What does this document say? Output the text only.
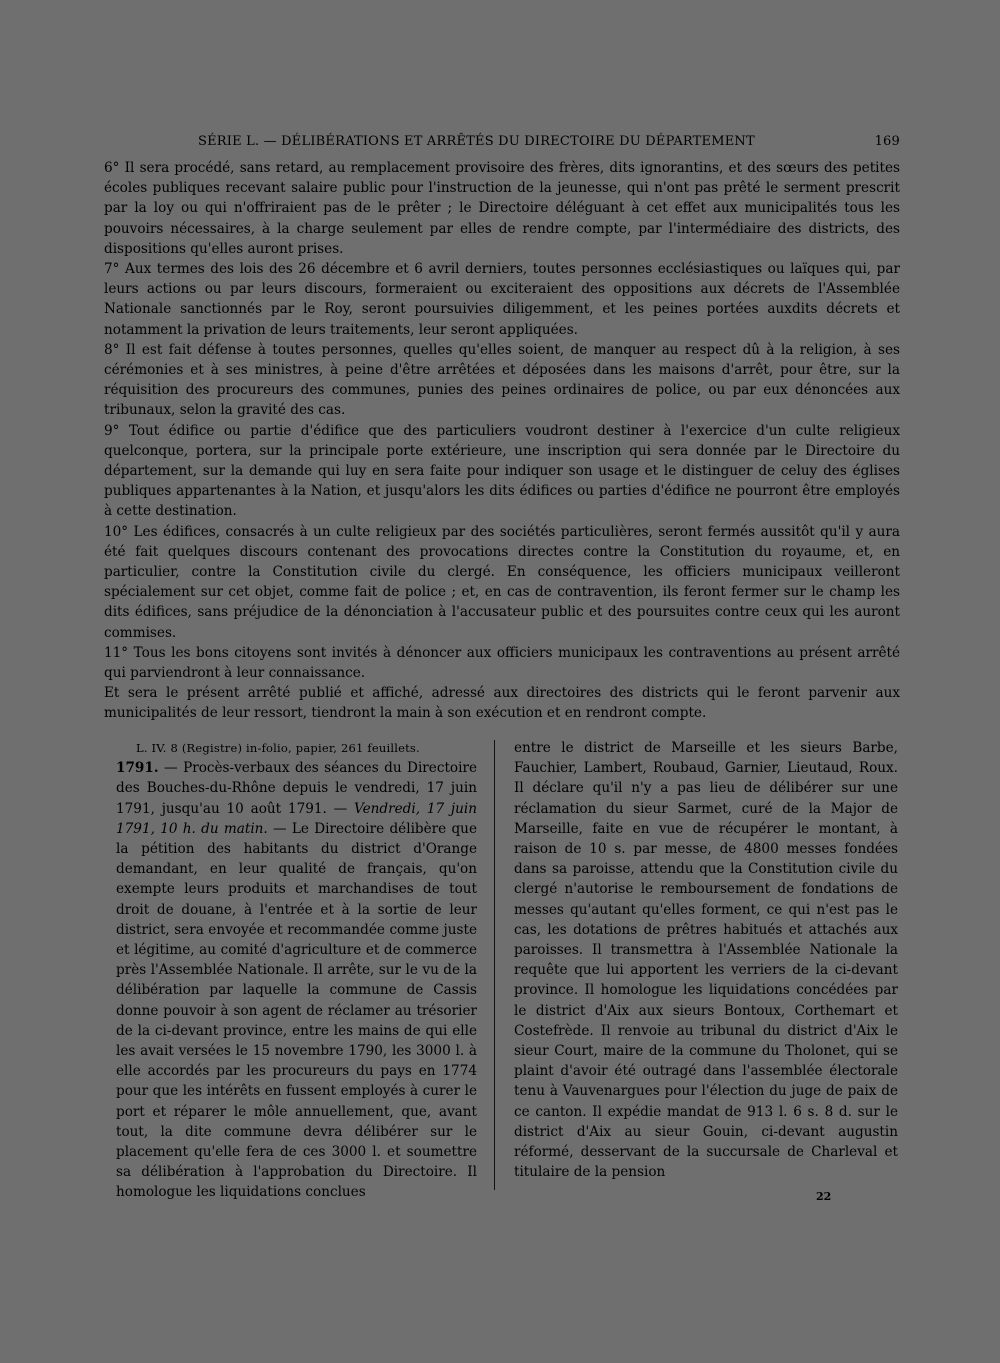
SÉRIE L. — DÉLIBÉRATIONS ET ARRÊTÉS DU DIRECTOIRE DU DÉPARTEMENT	169

6° Il sera procédé, sans retard, au remplacement provisoire des frères, dits ignorantins, et des sœurs des petites écoles publiques recevant salaire public pour l'instruction de la jeunesse, qui n'ont pas prêté le serment prescrit par la loy ou qui n'offriraient pas de le prêter ; le Directoire déléguant à cet effet aux municipalités tous les pouvoirs nécessaires, à la charge seulement par elles de rendre compte, par l'intermédiaire des districts, des dispositions qu'elles auront prises.

7° Aux termes des lois des 26 décembre et 6 avril derniers, toutes personnes ecclésiastiques ou laïques qui, par leurs actions ou par leurs discours, formeraient ou exciteraient des oppositions aux décrets de l'Assemblée Nationale sanctionnés par le Roy, seront poursuivies diligemment, et les peines portées auxdits décrets et notamment la privation de leurs traitements, leur seront appliquées.

8° Il est fait défense à toutes personnes, quelles qu'elles soient, de manquer au respect dû à la religion, à ses cérémonies et à ses ministres, à peine d'être arrêtées et déposées dans les maisons d'arrêt, pour être, sur la réquisition des procureurs des communes, punies des peines ordinaires de police, ou par eux dénoncées aux tribunaux, selon la gravité des cas.

9° Tout édifice ou partie d'édifice que des particuliers voudront destiner à l'exercice d'un culte religieux quelconque, portera, sur la principale porte extérieure, une inscription qui sera donnée par le Directoire du département, sur la demande qui luy en sera faite pour indiquer son usage et le distinguer de celuy des églises publiques appartenantes à la Nation, et jusqu'alors les dits édifices ou parties d'édifice ne pourront être employés à cette destination.

10° Les édifices, consacrés à un culte religieux par des sociétés particulières, seront fermés aussitôt qu'il y aura été fait quelques discours contenant des provocations directes contre la Constitution du royaume, et, en particulier, contre la Constitution civile du clergé. En conséquence, les officiers municipaux veilleront spécialement sur cet objet, comme fait de police ; et, en cas de contravention, ils feront fermer sur le champ les dits édifices, sans préjudice de la dénonciation à l'accusateur public et des poursuites contre ceux qui les auront commises.

11° Tous les bons citoyens sont invités à dénoncer aux officiers municipaux les contraventions au présent arrêté qui parviendront à leur connaissance.

Et sera le présent arrêté publié et affiché, adressé aux directoires des districts qui le feront parvenir aux municipalités de leur ressort, tiendront la main à son exécution et en rendront compte.

L. IV. 8 (Registre) in-folio, papier, 261 feuillets.
1791. — Procès-verbaux des séances du Directoire des Bouches-du-Rhône depuis le vendredi, 17 juin 1791, jusqu'au 10 août 1791. — Vendredi, 17 juin 1791, 10 h. du matin. — Le Directoire délibère que la pétition des habitants du district d'Orange demandant, en leur qualité de français, qu'on exempte leurs produits et marchandises de tout droit de douane, à l'entrée et à la sortie de leur district, sera envoyée et recommandée comme juste et légitime, au comité d'agriculture et de commerce près l'Assemblée Nationale. Il arrête, sur le vu de la délibération par laquelle la commune de Cassis donne pouvoir à son agent de réclamer au trésorier de la ci-devant province, entre les mains de qui elle les avait versées le 15 novembre 1790, les 3000 l. à elle accordés par les procureurs du pays en 1774 pour que les intérêts en fussent employés à curer le port et réparer le môle annuellement, que, avant tout, la dite commune devra délibérer sur le placement qu'elle fera de ces 3000 l. et soumettre sa délibération à l'approbation du Directoire. Il homologue les liquidations conclues
entre le district de Marseille et les sieurs Barbe, Fauchier, Lambert, Roubaud, Garnier, Lieutaud, Roux. Il déclare qu'il n'y a pas lieu de délibérer sur une réclamation du sieur Sarmet, curé de la Major de Marseille, faite en vue de récupérer le montant, à raison de 10 s. par messe, de 4800 messes fondées dans sa paroisse, attendu que la Constitution civile du clergé n'autorise le remboursement de fondations de messes qu'autant qu'elles forment, ce qui n'est pas le cas, les dotations de prêtres habitués et attachés aux paroisses. Il transmettra à l'Assemblée Nationale la requête que lui apportent les verriers de la ci-devant province. Il homologue les liquidations concédées par le district d'Aix aux sieurs Bontoux, Corthemart et Costefrède. Il renvoie au tribunal du district d'Aix le sieur Court, maire de la commune du Tholonet, qui se plaint d'avoir été outragé dans l'assemblée électorale tenu à Vauvenargues pour l'élection du juge de paix de ce canton. Il expédie mandat de 913 l. 6 s. 8 d. sur le district d'Aix au sieur Gouin, ci-devant augustin réformé, desservant de la succursale de Charleval et titulaire de la pension
22
